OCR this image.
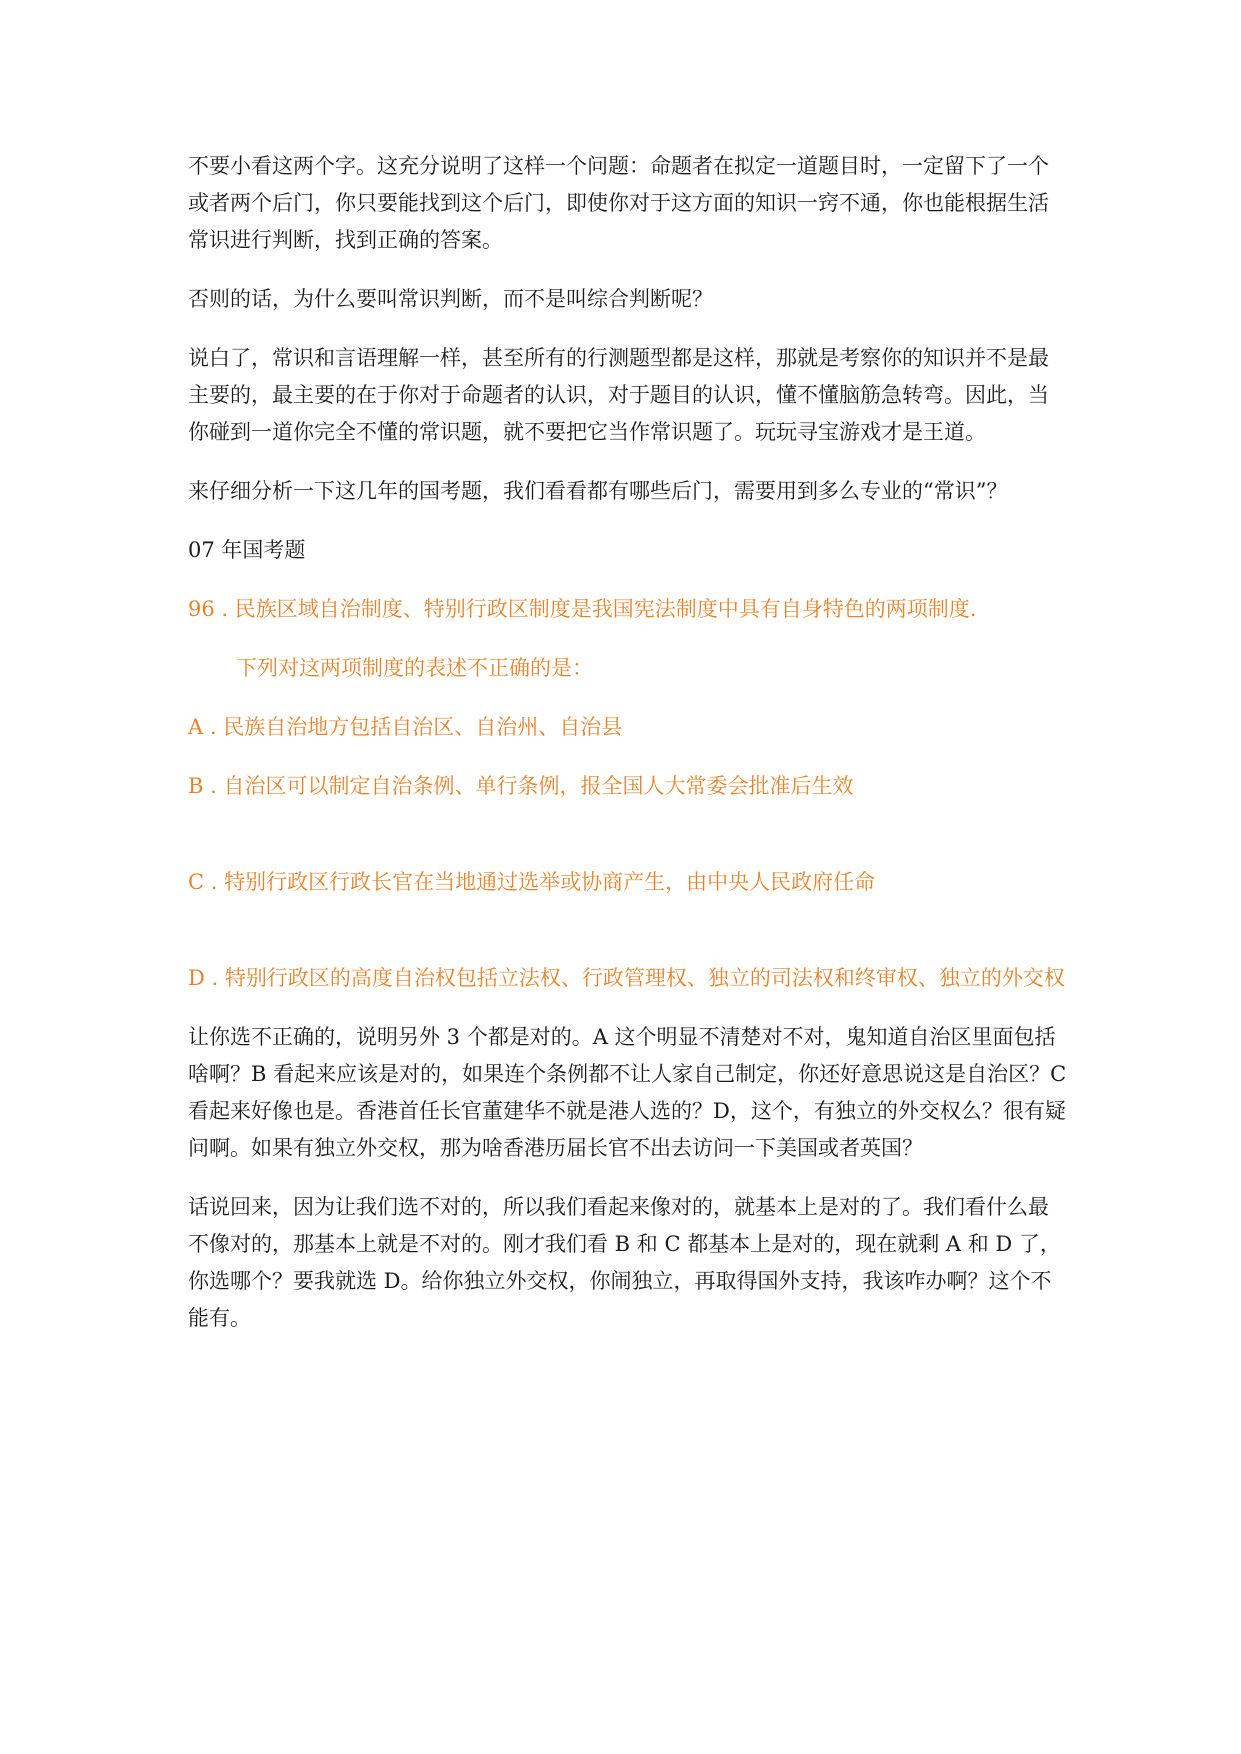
不要小看这两个字。这充分说明了这样一个问题：命题者在拟定一道题目时，一定留下了一个或者两个后门，你只要能找到这个后门，即使你对于这方面的知识一窍不通，你也能根据生活常识进行判断，找到正确的答案。

否则的话，为什么要叫常识判断，而不是叫综合判断呢？

说白了，常识和言语理解一样，甚至所有的行测题型都是这样，那就是考察你的知识并不是最主要的，最主要的在于你对于命题者的认识，对于题目的认识，懂不懂脑筋急转弯。因此，当你碰到一道你完全不懂的常识题，就不要把它当作常识题了。玩玩寻宝游戏才是王道。

来仔细分析一下这几年的国考题，我们看看都有哪些后门，需要用到多么专业的“常识”？

07 年国考题

96 . 民族区域自治制度、特别行政区制度是我国宪法制度中具有自身特色的两项制度.

下列对这两项制度的表述不正确的是：

A . 民族自治地方包括自治区、自治州、自治县

B . 自治区可以制定自治条例、单行条例，报全国人大常委会批准后生效

C . 特别行政区行政长官在当地通过选举或协商产生，由中央人民政府任命

D . 特别行政区的高度自治权包括立法权、行政管理权、独立的司法权和终审权、独立的外交权

让你选不正确的，说明另外 3 个都是对的。A 这个明显不清楚对不对，鬼知道自治区里面包括啥啊？B 看起来应该是对的，如果连个条例都不让人家自己制定，你还好意思说这是自治区？C 看起来好像也是。香港首任长官董建华不就是港人选的？D，这个，有独立的外交权么？很有疑问啊。如果有独立外交权，那为啥香港历届长官不出去访问一下美国或者英国？

话说回来，因为让我们选不对的，所以我们看起来像对的，就基本上是对的了。我们看什么最不像对的，那基本上就是不对的。刚才我们看 B 和 C 都基本上是对的，现在就剩 A 和 D 了，你选哪个？要我就选 D。给你独立外交权，你闹独立，再取得国外支持，我该咋办啊？这个不能有。
